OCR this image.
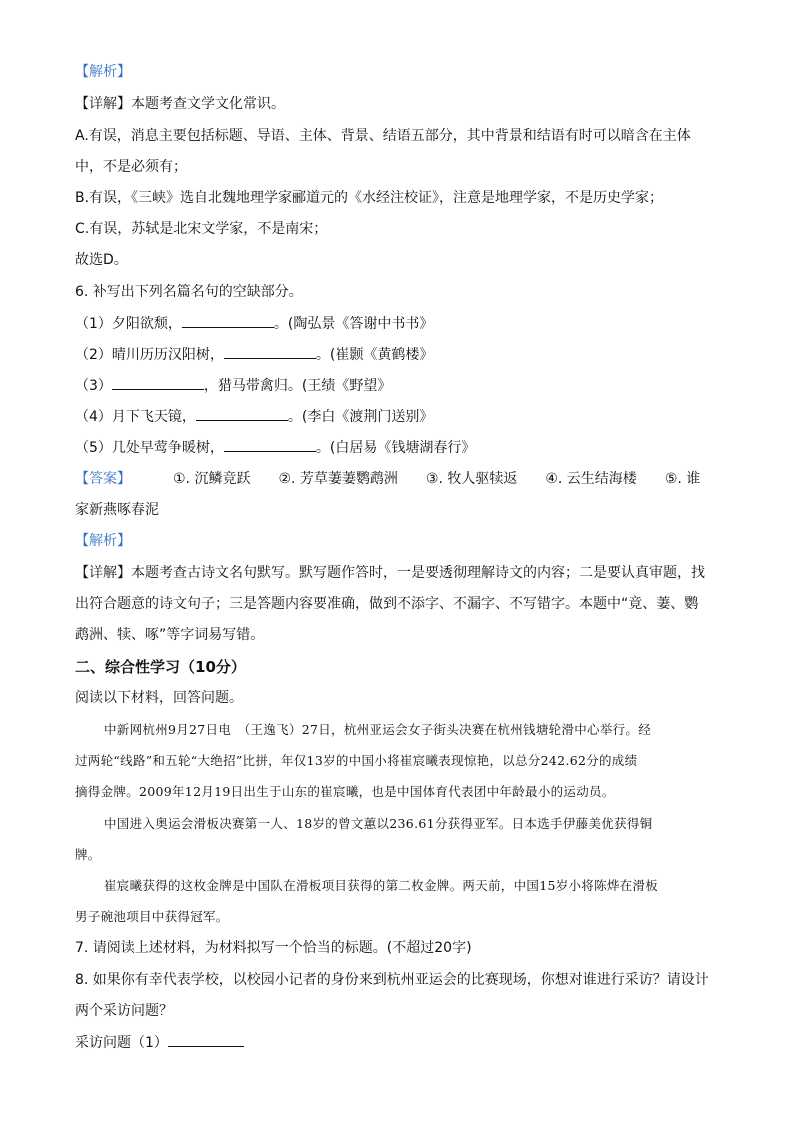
【解析】
【详解】本题考查文学文化常识。
A.有误，消息主要包括标题、导语、主体、背景、结语五部分，其中背景和结语有时可以暗含在主体
中，不是必须有；
B.有误，《三峡》选自北魏地理学家郦道元的《水经注校证》，注意是地理学家，不是历史学家；
C.有误，苏轼是北宋文学家，不是南宋；
故选D。
6. 补写出下列名篇名句的空缺部分。
（1）夕阳欲颓，	。(陶弘景《答谢中书书》
（2）晴川历历汉阳树，	。(崔颢《黄鹤楼》
（3）	，猎马带禽归。(王绩《野望》
（4）月下飞天镜，	。(李白《渡荆门送别》
（5）几处早莺争暖树，	。(白居易《钱塘湖春行》
【答案】	①. 沉鳞竞跃 ②. 芳草萋萋鹦鹉洲 ③. 牧人驱犊返 ④. 云生结海楼 ⑤. 谁
家新燕啄春泥
【解析】
【详解】本题考查古诗文名句默写。默写题作答时，一是要透彻理解诗文的内容；二是要认真审题，找
出符合题意的诗文句子；三是答题内容要准确，做到不添字、不漏字、不写错字。本题中“竟、萋、鹦
鹉洲、犊、啄”等字词易写错。
二、综合性学习（10分）
阅读以下材料，回答问题。
中新网杭州9月27日电　（王逸飞）27日，杭州亚运会女子街头决赛在杭州钱塘轮滑中心举行。经
过两轮“线路”和五轮“大绝招”比拼，年仅13岁的中国小将崔宸曦表现惊艳，以总分242.62分的成绩
摘得金牌。2009年12月19日出生于山东的崔宸曦，也是中国体育代表团中年龄最小的运动员。
中国进入奥运会滑板决赛第一人、18岁的曾文蕙以236.61分获得亚军。日本选手伊藤美优获得铜
牌。
崔宸曦获得的这枚金牌是中国队在滑板项目获得的第二枚金牌。两天前，中国15岁小将陈烨在滑板
男子碗池项目中获得冠军。
7. 请阅读上述材料，为材料拟写一个恰当的标题。(不超过20字)
8. 如果你有幸代表学校，以校园小记者的身份来到杭州亚运会的比赛现场，你想对谁进行采访？请设计
两个采访问题？
采访问题（1）
